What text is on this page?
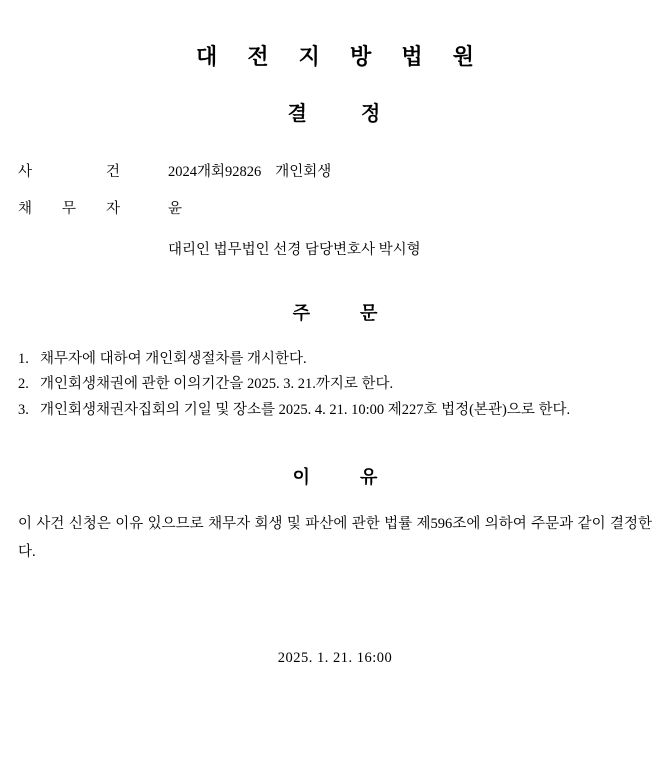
대 전 지 방 법 원
결	정
사	건	2024개회92826 개인회생
채 무 자	윤
대리인 법무법인 선경 담당변호사 박시형
주	문
1. 채무자에 대하여 개인회생절차를 개시한다.
2. 개인회생채권에 관한 이의기간을 2025. 3. 21.까지로 한다.
3. 개인회생채권자집회의 기일 및 장소를 2025. 4. 21. 10:00 제227호 법정(본관)으로 한다.
이	유
이 사건 신청은 이유 있으므로 채무자 회생 및 파산에 관한 법률 제596조에 의하여 주문과 같이 결정한다.
2025. 1. 21. 16:00
